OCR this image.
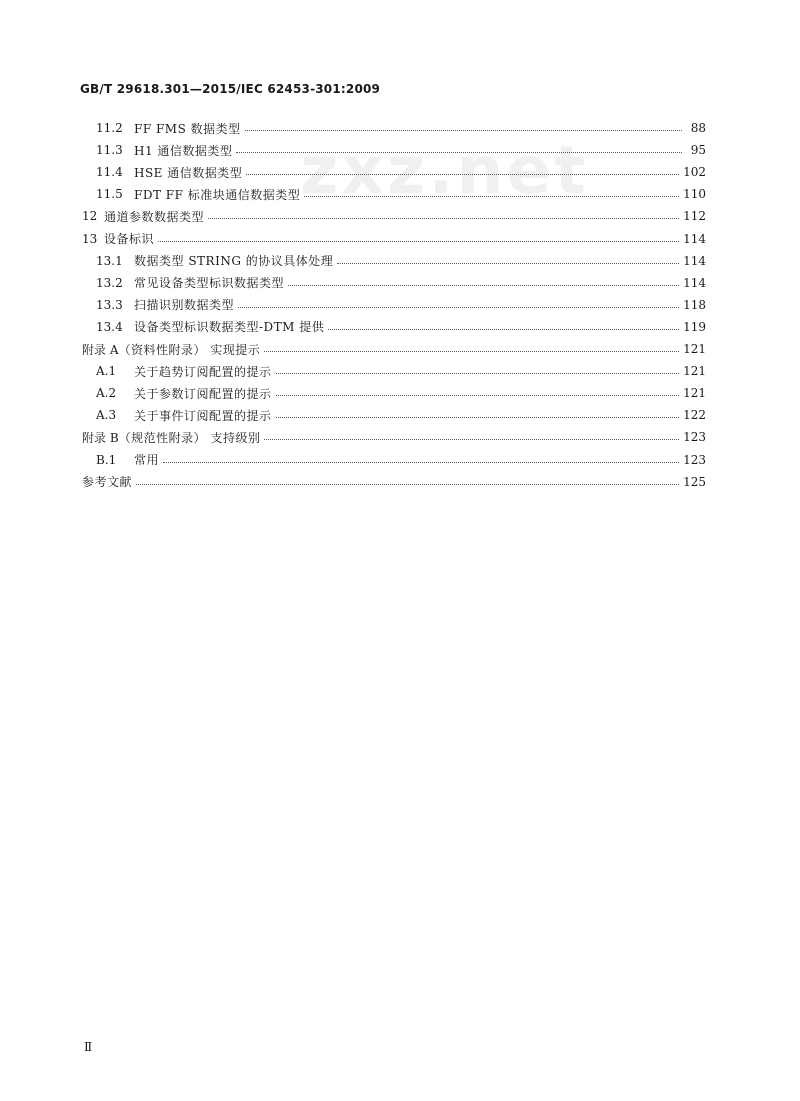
GB/T 29618.301—2015/IEC 62453-301:2009
zxz.net
11.2 FF FMS 数据类型	88
11.3 H1 通信数据类型	95
11.4 HSE 通信数据类型	102
11.5 FDT FF 标准块通信数据类型	110
12 通道参数数据类型	112
13 设备标识	114
13.1 数据类型 STRING 的协议具体处理	114
13.2 常见设备类型标识数据类型	114
13.3 扫描识别数据类型	118
13.4 设备类型标识数据类型-DTM 提供	119
附录 A （资料性附录） 实现提示	121
A.1	关于趋势订阅配置的提示	121
A.2	关于参数订阅配置的提示	121
A.3	关于事件订阅配置的提示	122
附录 B （规范性附录） 支持级别	123
B.1	常用	123
参考文献	125
Ⅱ
